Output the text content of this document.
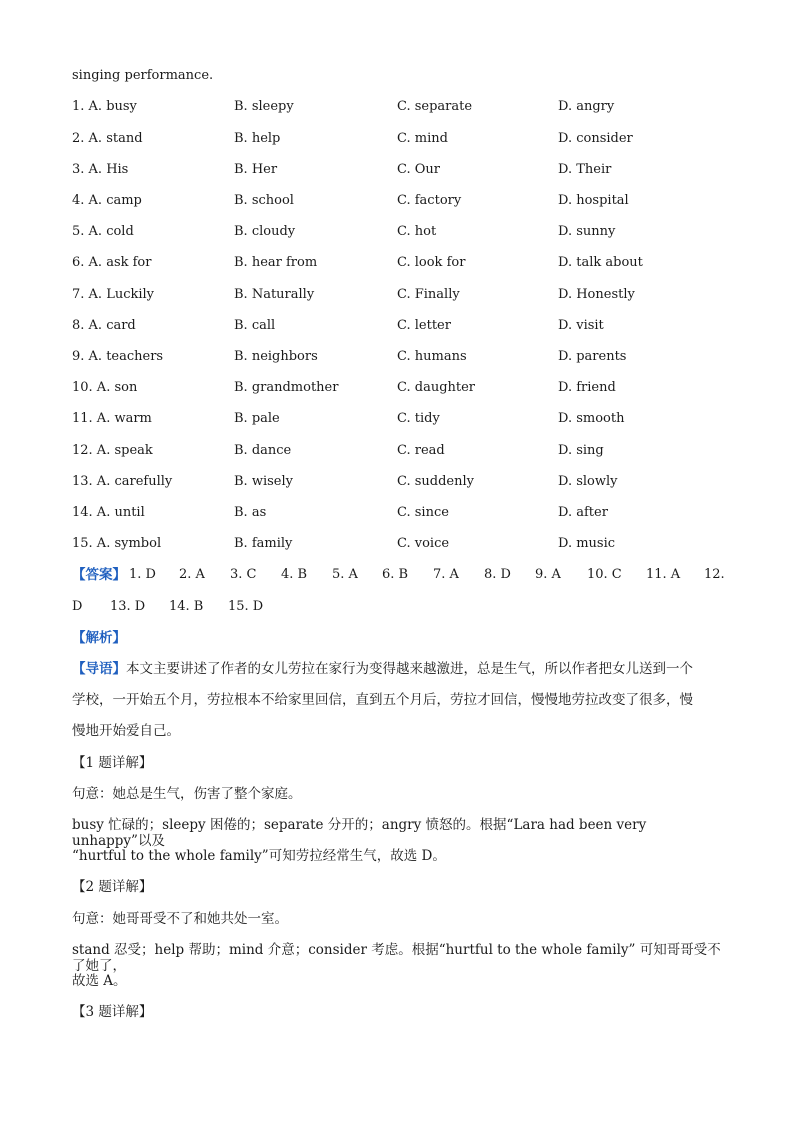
singing performance.
1. A. busy	B. sleepy	C. separate	D. angry
2. A. stand	B. help	C. mind	D. consider
3. A. His	B. Her	C. Our	D. Their
4. A. camp	B. school	C. factory	D. hospital
5. A. cold	B. cloudy	C. hot	D. sunny
6. A. ask for	B. hear from	C. look for	D. talk about
7. A. Luckily	B. Naturally	C. Finally	D. Honestly
8. A. card	B. call	C. letter	D. visit
9. A. teachers	B. neighbors	C. humans	D. parents
10. A. son	B. grandmother	C. daughter	D. friend
11. A. warm	B. pale	C. tidy	D. smooth
12. A. speak	B. dance	C. read	D. sing
13. A. carefully	B. wisely	C. suddenly	D. slowly
14. A. until	B. as	C. since	D. after
15. A. symbol	B. family	C. voice	D. music
【答案】 1. D 2. A 3. C 4. B 5. A 6. B 7. A 8. D 9. A 10. C 11. A 12.
D 13. D 14. B 15. D
【解析】
【导语】本文主要讲述了作者的女儿劳拉在家行为变得越来越激进，总是生气，所以作者把女儿送到一个
学校，一开始五个月，劳拉根本不给家里回信，直到五个月后，劳拉才回信，慢慢地劳拉改变了很多，慢
慢地开始爱自己。
【1 题详解】
句意：她总是生气，伤害了整个家庭。
busy 忙碌的；sleepy 困倦的；separate 分开的；angry 愤怒的。根据“Lara had been very unhappy”以及
“hurtful to the whole family”可知劳拉经常生气，故选 D。
【2 题详解】
句意：她哥哥受不了和她共处一室。
stand 忍受；help 帮助；mind 介意；consider 考虑。根据“hurtful to the whole family” 可知哥哥受不了她了，
故选 A。
【3 题详解】
